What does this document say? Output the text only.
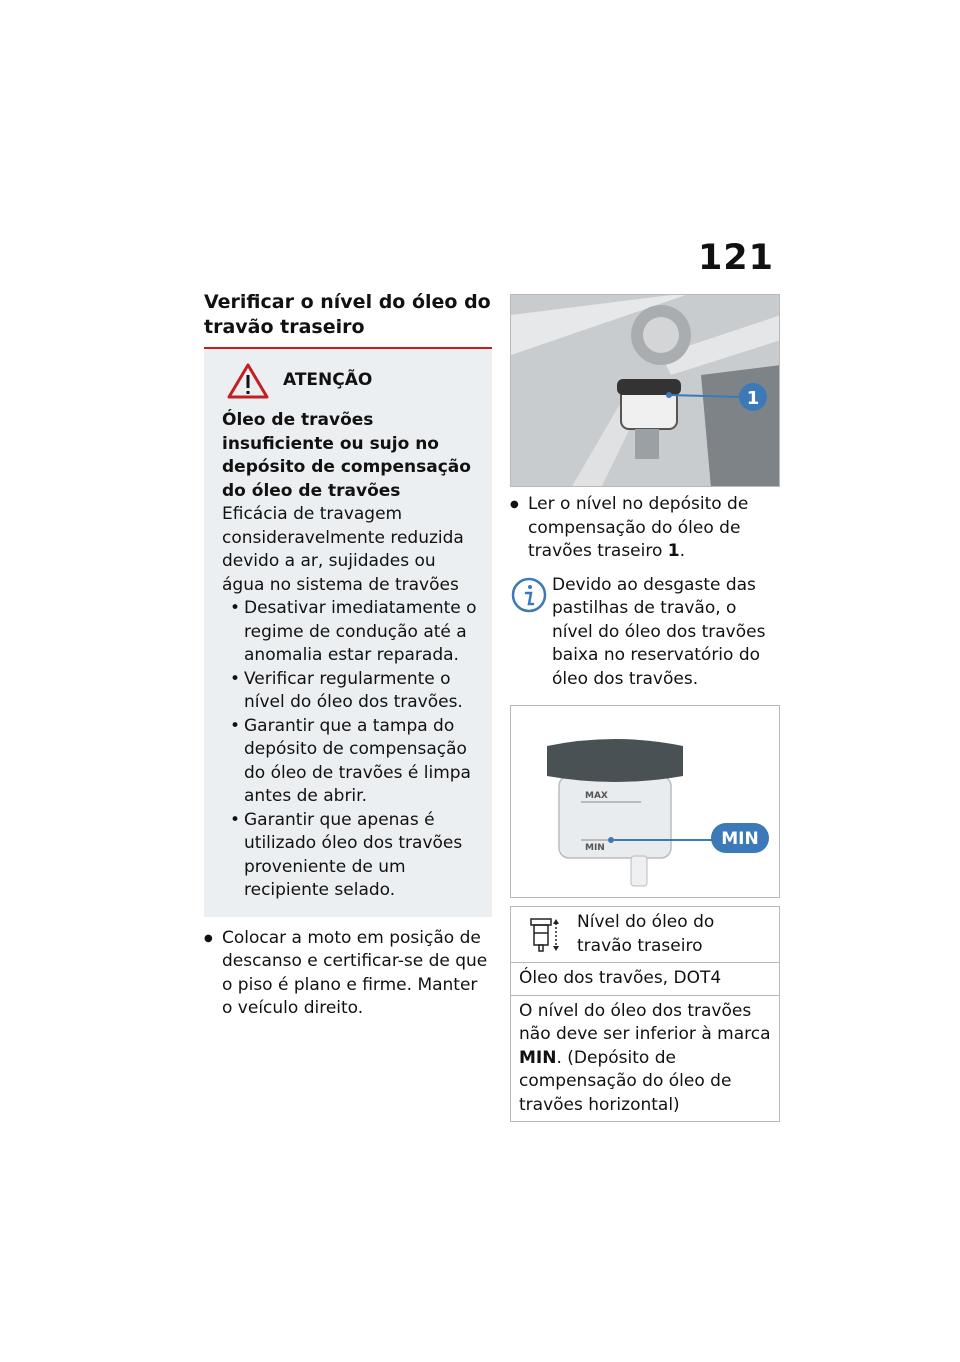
121
Verificar o nível do óleo do travão traseiro
ATENÇÃO
Óleo de travões insuficiente ou sujo no depósito de compensação do óleo de travões
Eficácia de travagem consideravelmente reduzida devido a ar, sujidades ou água no sistema de travões
• Desativar imediatamente o regime de condução até a anomalia estar reparada.
• Verificar regularmente o nível do óleo dos travões.
• Garantir que a tampa do depósito de compensação do óleo de travões é limpa antes de abrir.
• Garantir que apenas é utilizado óleo dos travões proveniente de um recipiente selado.
● Colocar a moto em posição de descanso e certificar-se de que o piso é plano e firme. Manter o veículo direito.
1
● Ler o nível no depósito de compensação do óleo de travões traseiro 1.
Devido ao desgaste das pastilhas de travão, o nível do óleo dos travões baixa no reservatório do óleo dos travões.
MAX
MIN	MIN
Nível do óleo do travão traseiro

Óleo dos travões, DOT4
O nível do óleo dos travões não deve ser inferior à marca MIN. (Depósito de compensação do óleo de travões horizontal)
